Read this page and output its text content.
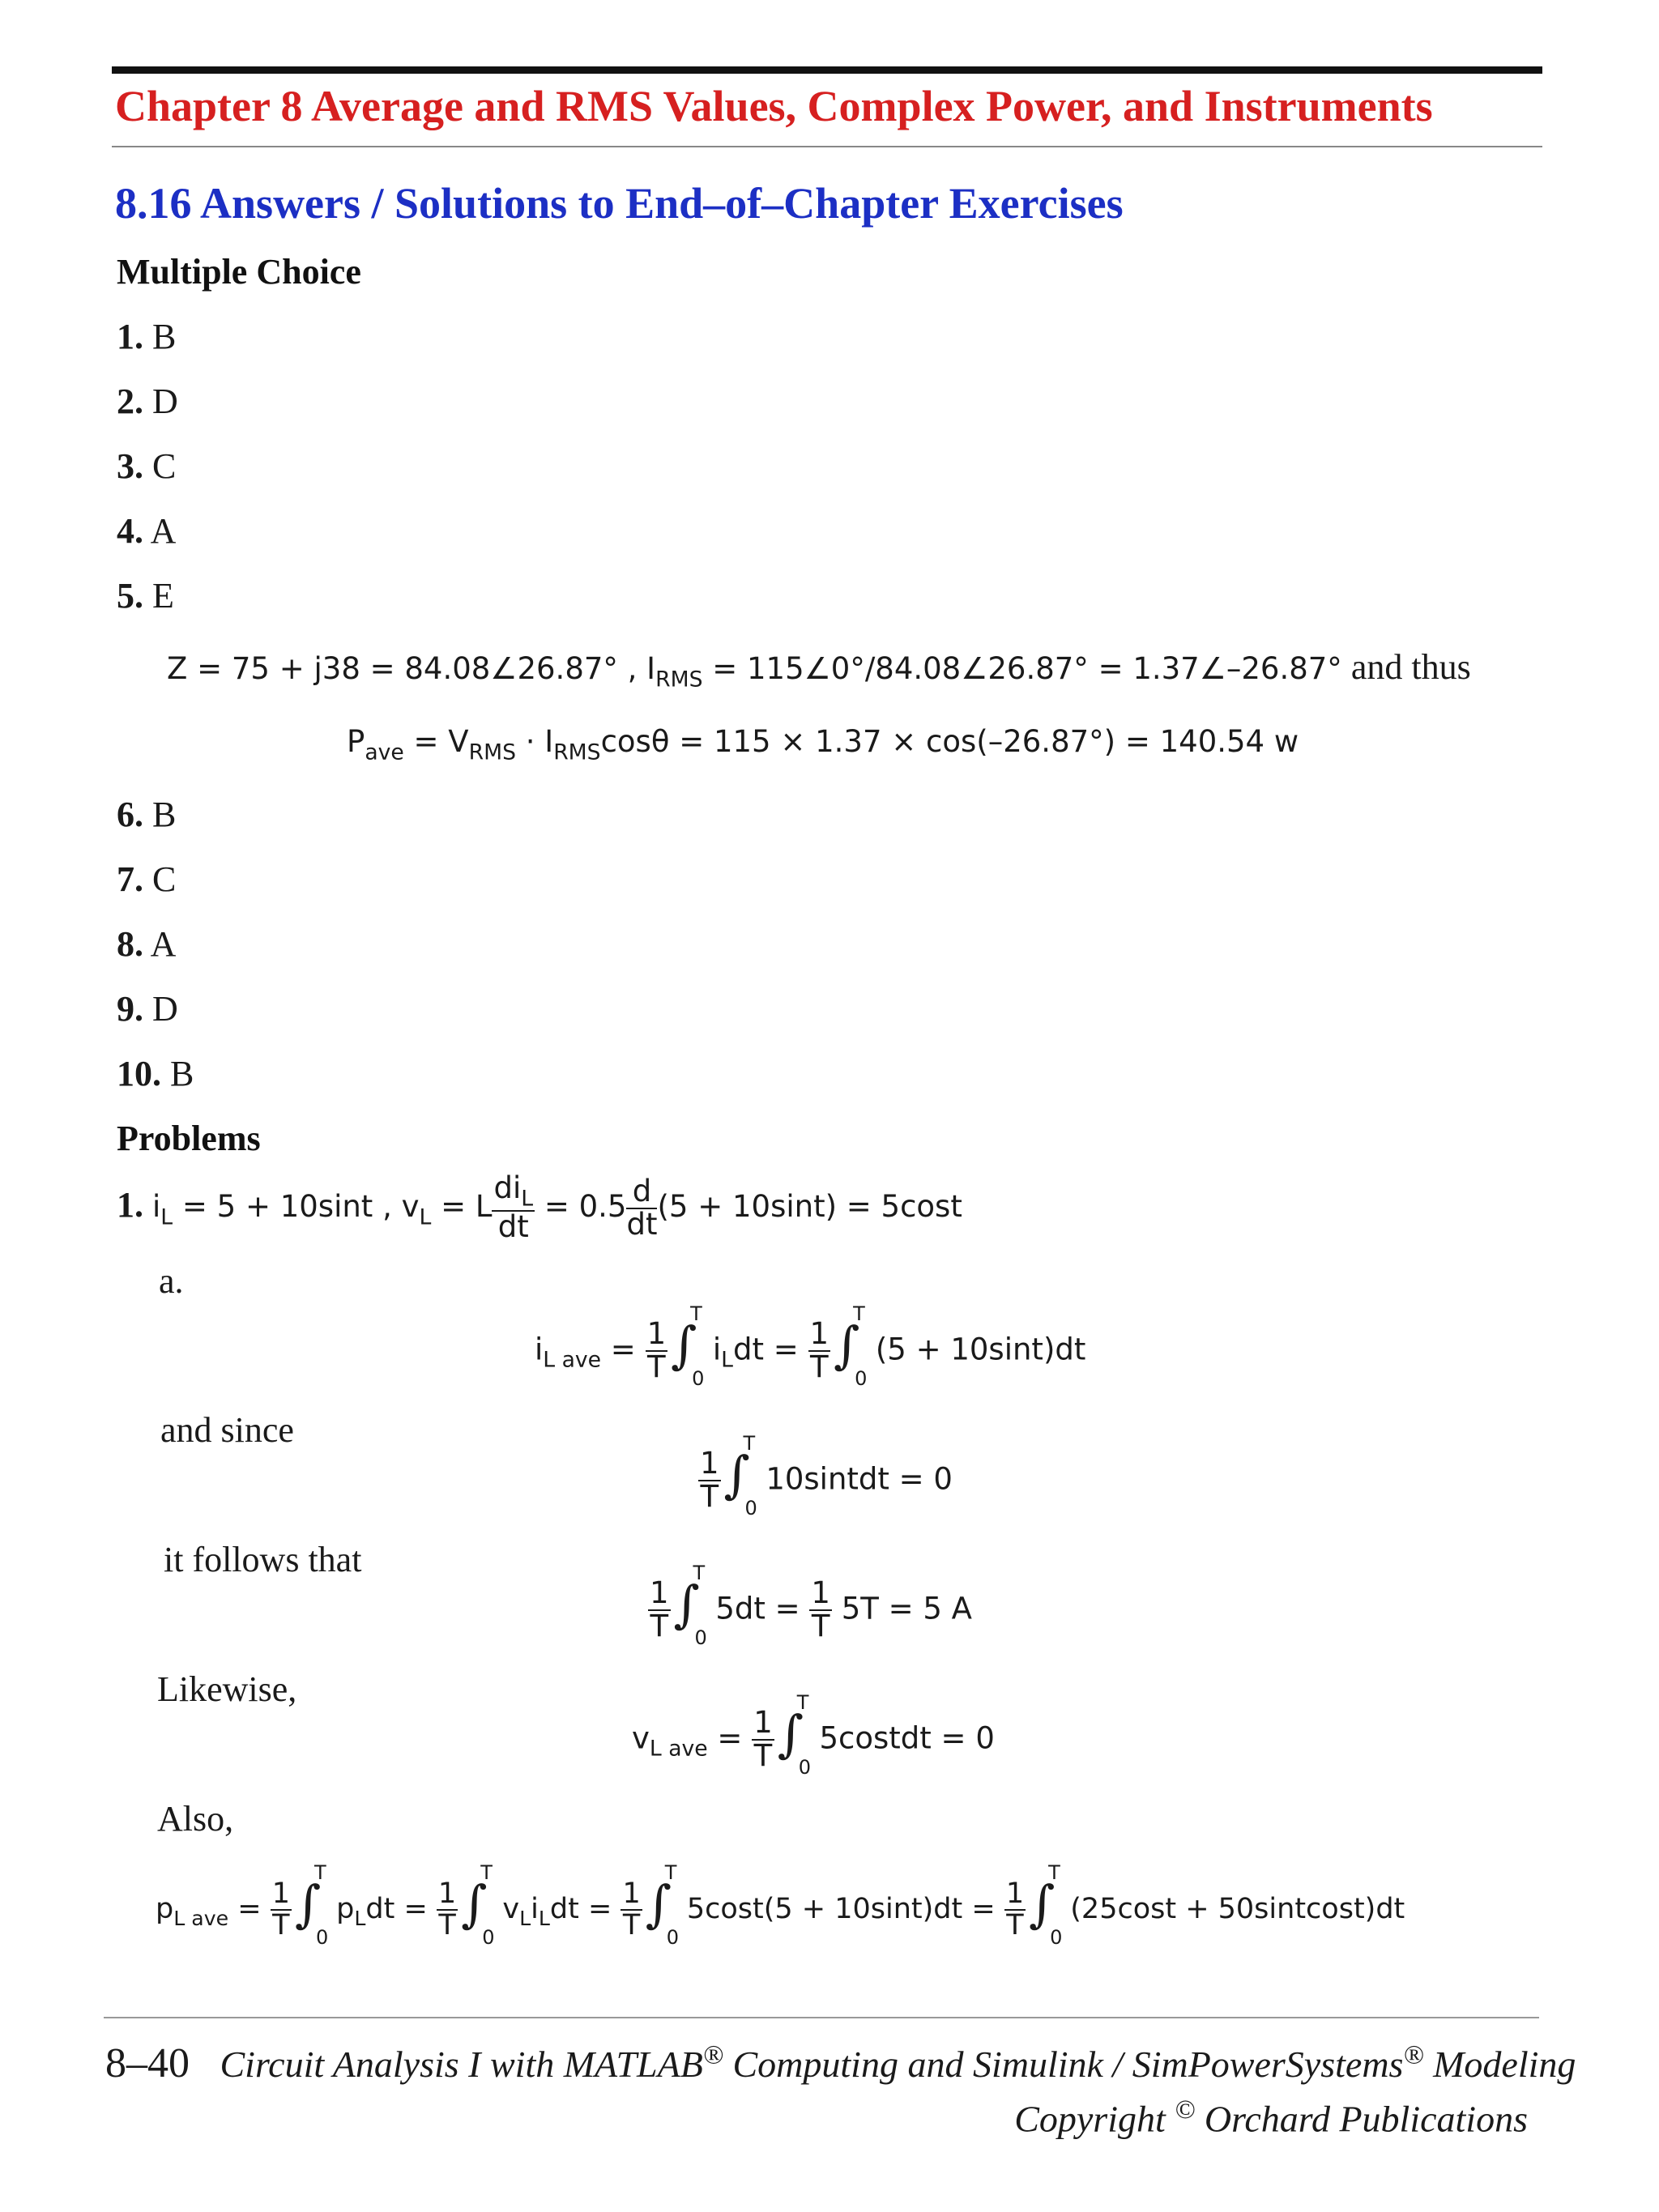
Chapter 8 Average and RMS Values, Complex Power, and Instruments
8.16 Answers / Solutions to End–of–Chapter Exercises
Multiple Choice
1. B
2. D
3. C
4. A
5. E
Z = 75 + j38 = 84.08∠26.87° , $I_{RMS}$ = 115∠0°/84.08∠26.87° = 1.37∠–26.87° and thus
$P_{ave} = V_{RMS} \cdot I_{RMS}\cos\theta = 115 \times 1.37 \times \cos(-26.87^\circ) = 140.54$ w
6. B
7. C
8. A
9. D
10. B
Problems
1. $i_L = 5 + 10\sin t$ , $v_L = L \frac{di_L}{dt} = 0.5 \frac{d}{dt} (5 + 10\sin t) = 5\cos t$
a.
$i_{L ave} = \frac{1}{T}$ ∫
T
0
$i_Ldt = \frac{1}{T}$ ∫
T
0
(5 + 10sint)dt
and since
$\frac{1}{T}$ ∫
T
0
10sintdt = 0
it follows that
$\frac{1}{T}$ ∫
T
0
$5dt = \frac{1}{T} 5T = 5$ A
Likewise,
$v_{L ave} = \frac{1}{T}$ ∫
T
0
5costdt = 0
Also,
$p_{L ave} = \frac{1}{T}$ ∫
T
0
$p_Ldt = \frac{1}{T}$ ∫
T
0
$v_Li_Ldt = \frac{1}{T}$ ∫
T
0
$5\cos t(5 + 10\sin t)dt = \frac{1}{T}$ ∫
T
0
(25cost + 50sintcost)dt
8–40 Circuit Analysis I with MATLAB® Computing and Simulink / SimPowerSystems® Modeling
Copyright © Orchard Publications
